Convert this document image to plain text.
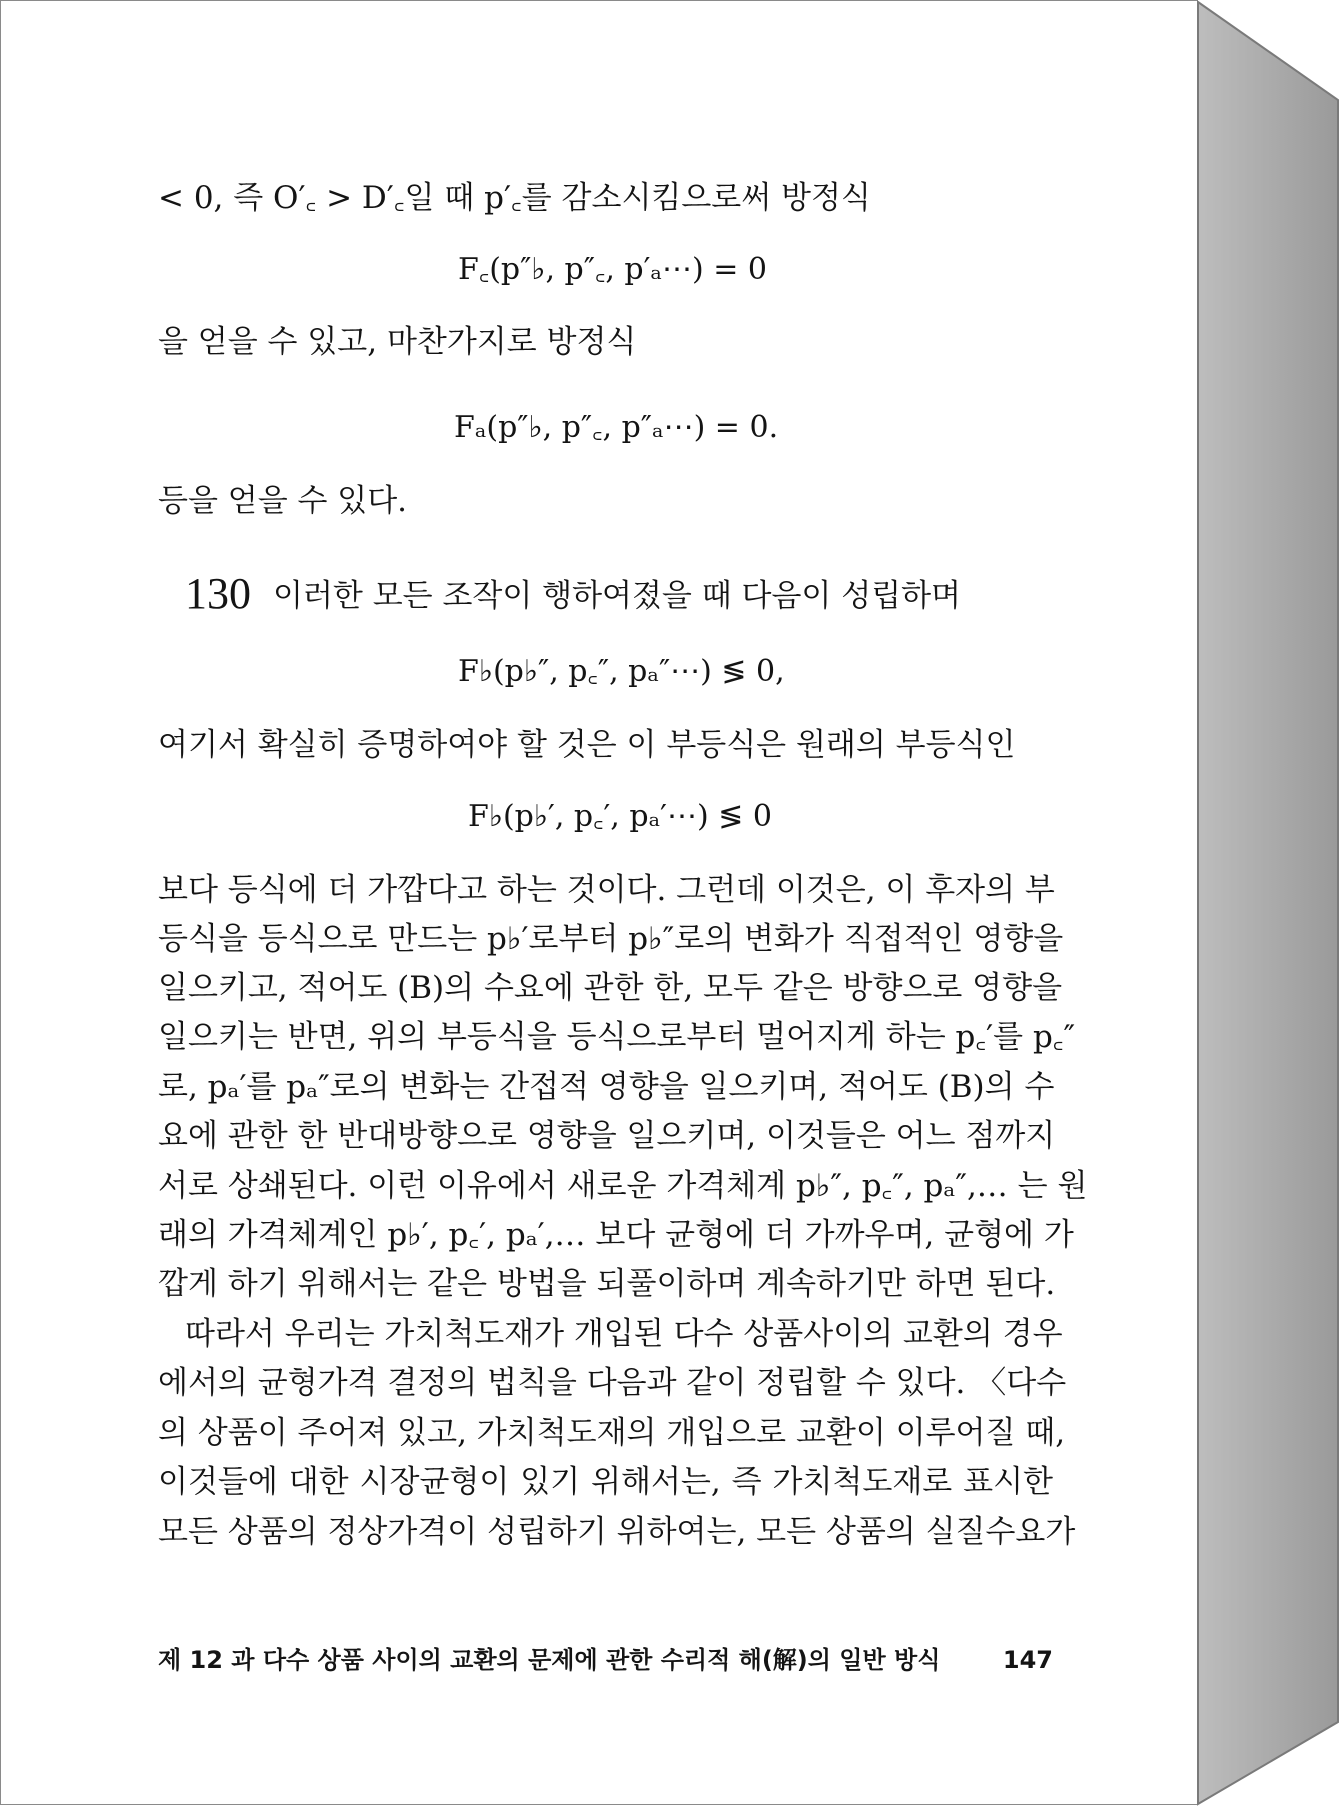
< 0, 즉 O′꜀ > D′꜀일 때 p′꜀를 감소시킴으로써 방정식
F꜀(p″♭, p″꜀, p′ₐ⋯) = 0
을 얻을 수 있고, 마찬가지로 방정식
Fₐ(p″♭, p″꜀, p″ₐ⋯) = 0.
등을 얻을 수 있다.
130 이러한 모든 조작이 행하여졌을 때 다음이 성립하며
F♭(p♭″, p꜀″, pₐ″⋯) ≶ 0,
여기서 확실히 증명하여야 할 것은 이 부등식은 원래의 부등식인
F♭(p♭′, p꜀′, pₐ′⋯) ≶ 0
보다 등식에 더 가깝다고 하는 것이다. 그런데 이것은, 이 후자의 부
등식을 등식으로 만드는 p♭′로부터 p♭″로의 변화가 직접적인 영향을
일으키고, 적어도 (B)의 수요에 관한 한, 모두 같은 방향으로 영향을
일으키는 반면, 위의 부등식을 등식으로부터 멀어지게 하는 p꜀′를 p꜀″
로, pₐ′를 pₐ″로의 변화는 간접적 영향을 일으키며, 적어도 (B)의 수
요에 관한 한 반대방향으로 영향을 일으키며, 이것들은 어느 점까지
서로 상쇄된다. 이런 이유에서 새로운 가격체계 p♭″, p꜀″, pₐ″,… 는 원
래의 가격체계인 p♭′, p꜀′, pₐ′,… 보다 균형에 더 가까우며, 균형에 가
깝게 하기 위해서는 같은 방법을 되풀이하며 계속하기만 하면 된다.
따라서 우리는 가치척도재가 개입된 다수 상품사이의 교환의 경우
에서의 균형가격 결정의 법칙을 다음과 같이 정립할 수 있다. 〈다수
의 상품이 주어져 있고, 가치척도재의 개입으로 교환이 이루어질 때,
이것들에 대한 시장균형이 있기 위해서는, 즉 가치척도재로 표시한
모든 상품의 정상가격이 성립하기 위하여는, 모든 상품의 실질수요가
제 12 과 다수 상품 사이의 교환의 문제에 관한 수리적 해(解)의 일반 방식	147
